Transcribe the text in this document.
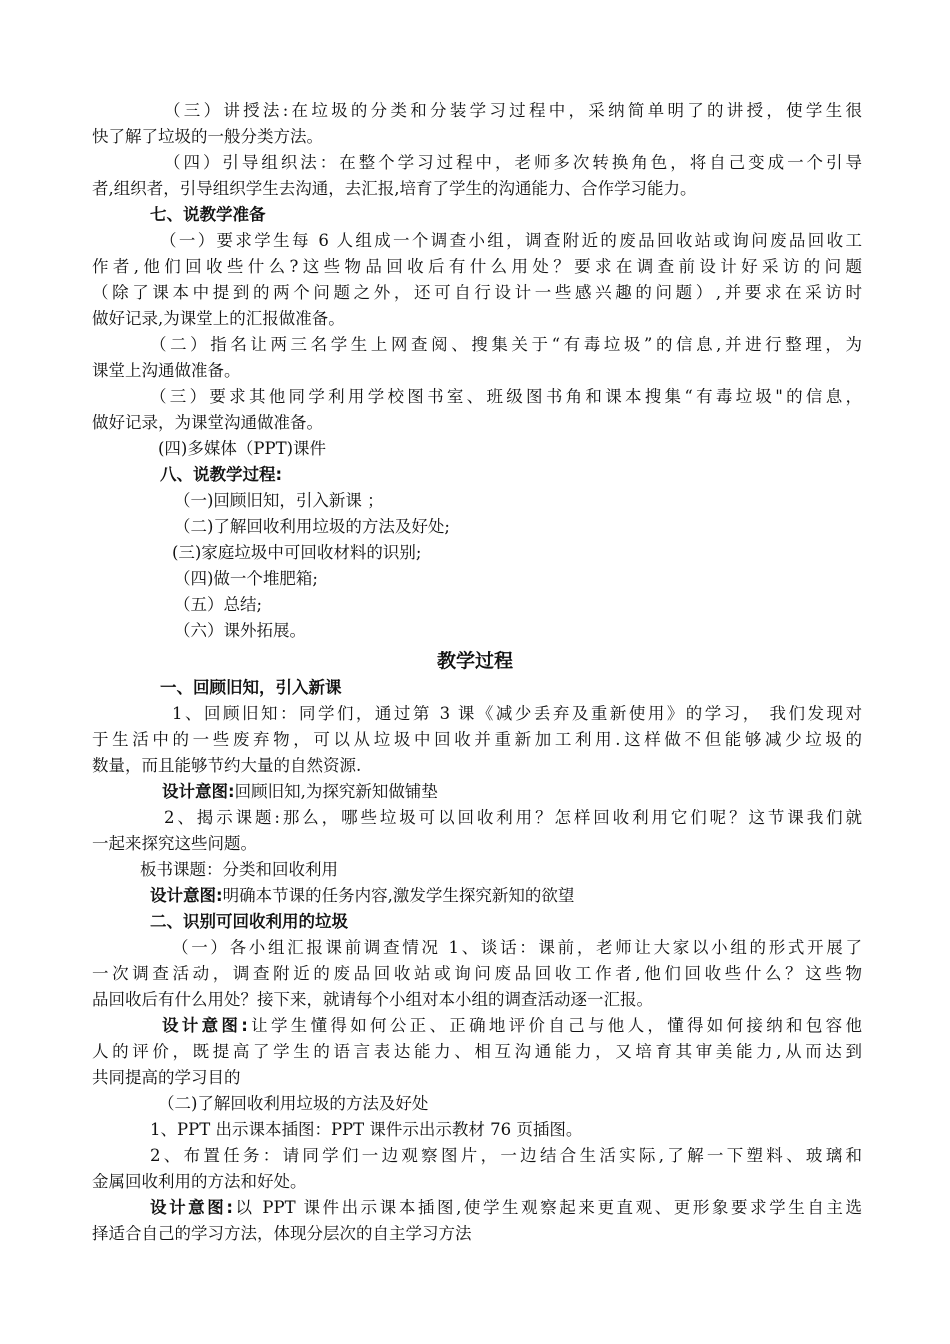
（三）讲授法:在垃圾的分类和分装学习过程中，采纳简单明了的讲授，使学生很
快了解了垃圾的一般分类方法。
（四）引导组织法：在整个学习过程中，老师多次转换角色，将自己变成一个引导
者,组织者，引导组织学生去沟通，去汇报,培育了学生的沟通能力、合作学习能力。
七、说教学准备
（一）要求学生每 6 人组成一个调查小组，调查附近的废品回收站或询问废品回收工
作者,他们回收些什么?这些物品回收后有什么用处？要求在调查前设计好采访的问题
（除了课本中提到的两个问题之外，还可自行设计一些感兴趣的问题）,并要求在采访时
做好记录,为课堂上的汇报做准备。
（二）指名让两三名学生上网查阅、搜集关于“有毒垃圾”的信息,并进行整理，为
课堂上沟通做准备。
（三）要求其他同学利用学校图书室、班级图书角和课本搜集“有毒垃圾"的信息，
做好记录，为课堂沟通做准备。
(四)多媒体（PPT)课件
八、说教学过程:
（一)回顾旧知，引入新课 ；
（二)了解回收利用垃圾的方法及好处;
(三)家庭垃圾中可回收材料的识别;
（四)做一个堆肥箱;
（五）总结;
（六）课外拓展。
教学过程
一、回顾旧知，引入新课
1、回顾旧知：同学们，通过第 3 课《减少丢弃及重新使用》的学习， 我们发现对
于生活中的一些废弃物，可以从垃圾中回收并重新加工利用.这样做不但能够减少垃圾的
数量，而且能够节约大量的自然资源.
设计意图:回顾旧知,为探究新知做铺垫
2、揭示课题:那么，哪些垃圾可以回收利用？怎样回收利用它们呢？这节课我们就
一起来探究这些问题。
板书课题：分类和回收利用
设计意图:明确本节课的任务内容,激发学生探究新知的欲望
二、识别可回收利用的垃圾
（一）各小组汇报课前调查情况 1、谈话：课前，老师让大家以小组的形式开展了
一次调查活动，调查附近的废品回收站或询问废品回收工作者,他们回收些什么？这些物
品回收后有什么用处？接下来，就请每个小组对本小组的调查活动逐一汇报。
设计意图:让学生懂得如何公正、正确地评价自己与他人，懂得如何接纳和包容他
人的评价，既提高了学生的语言表达能力、相互沟通能力，又培育其审美能力,从而达到
共同提高的学习目的
（二)了解回收利用垃圾的方法及好处
1、PPT 出示课本插图：PPT 课件示出示教材 76 页插图。
2、布置任务：请同学们一边观察图片，一边结合生活实际,了解一下塑料、玻璃和
金属回收利用的方法和好处。
设计意图:以 PPT 课件出示课本插图,使学生观察起来更直观、更形象要求学生自主选
择适合自己的学习方法，体现分层次的自主学习方法
